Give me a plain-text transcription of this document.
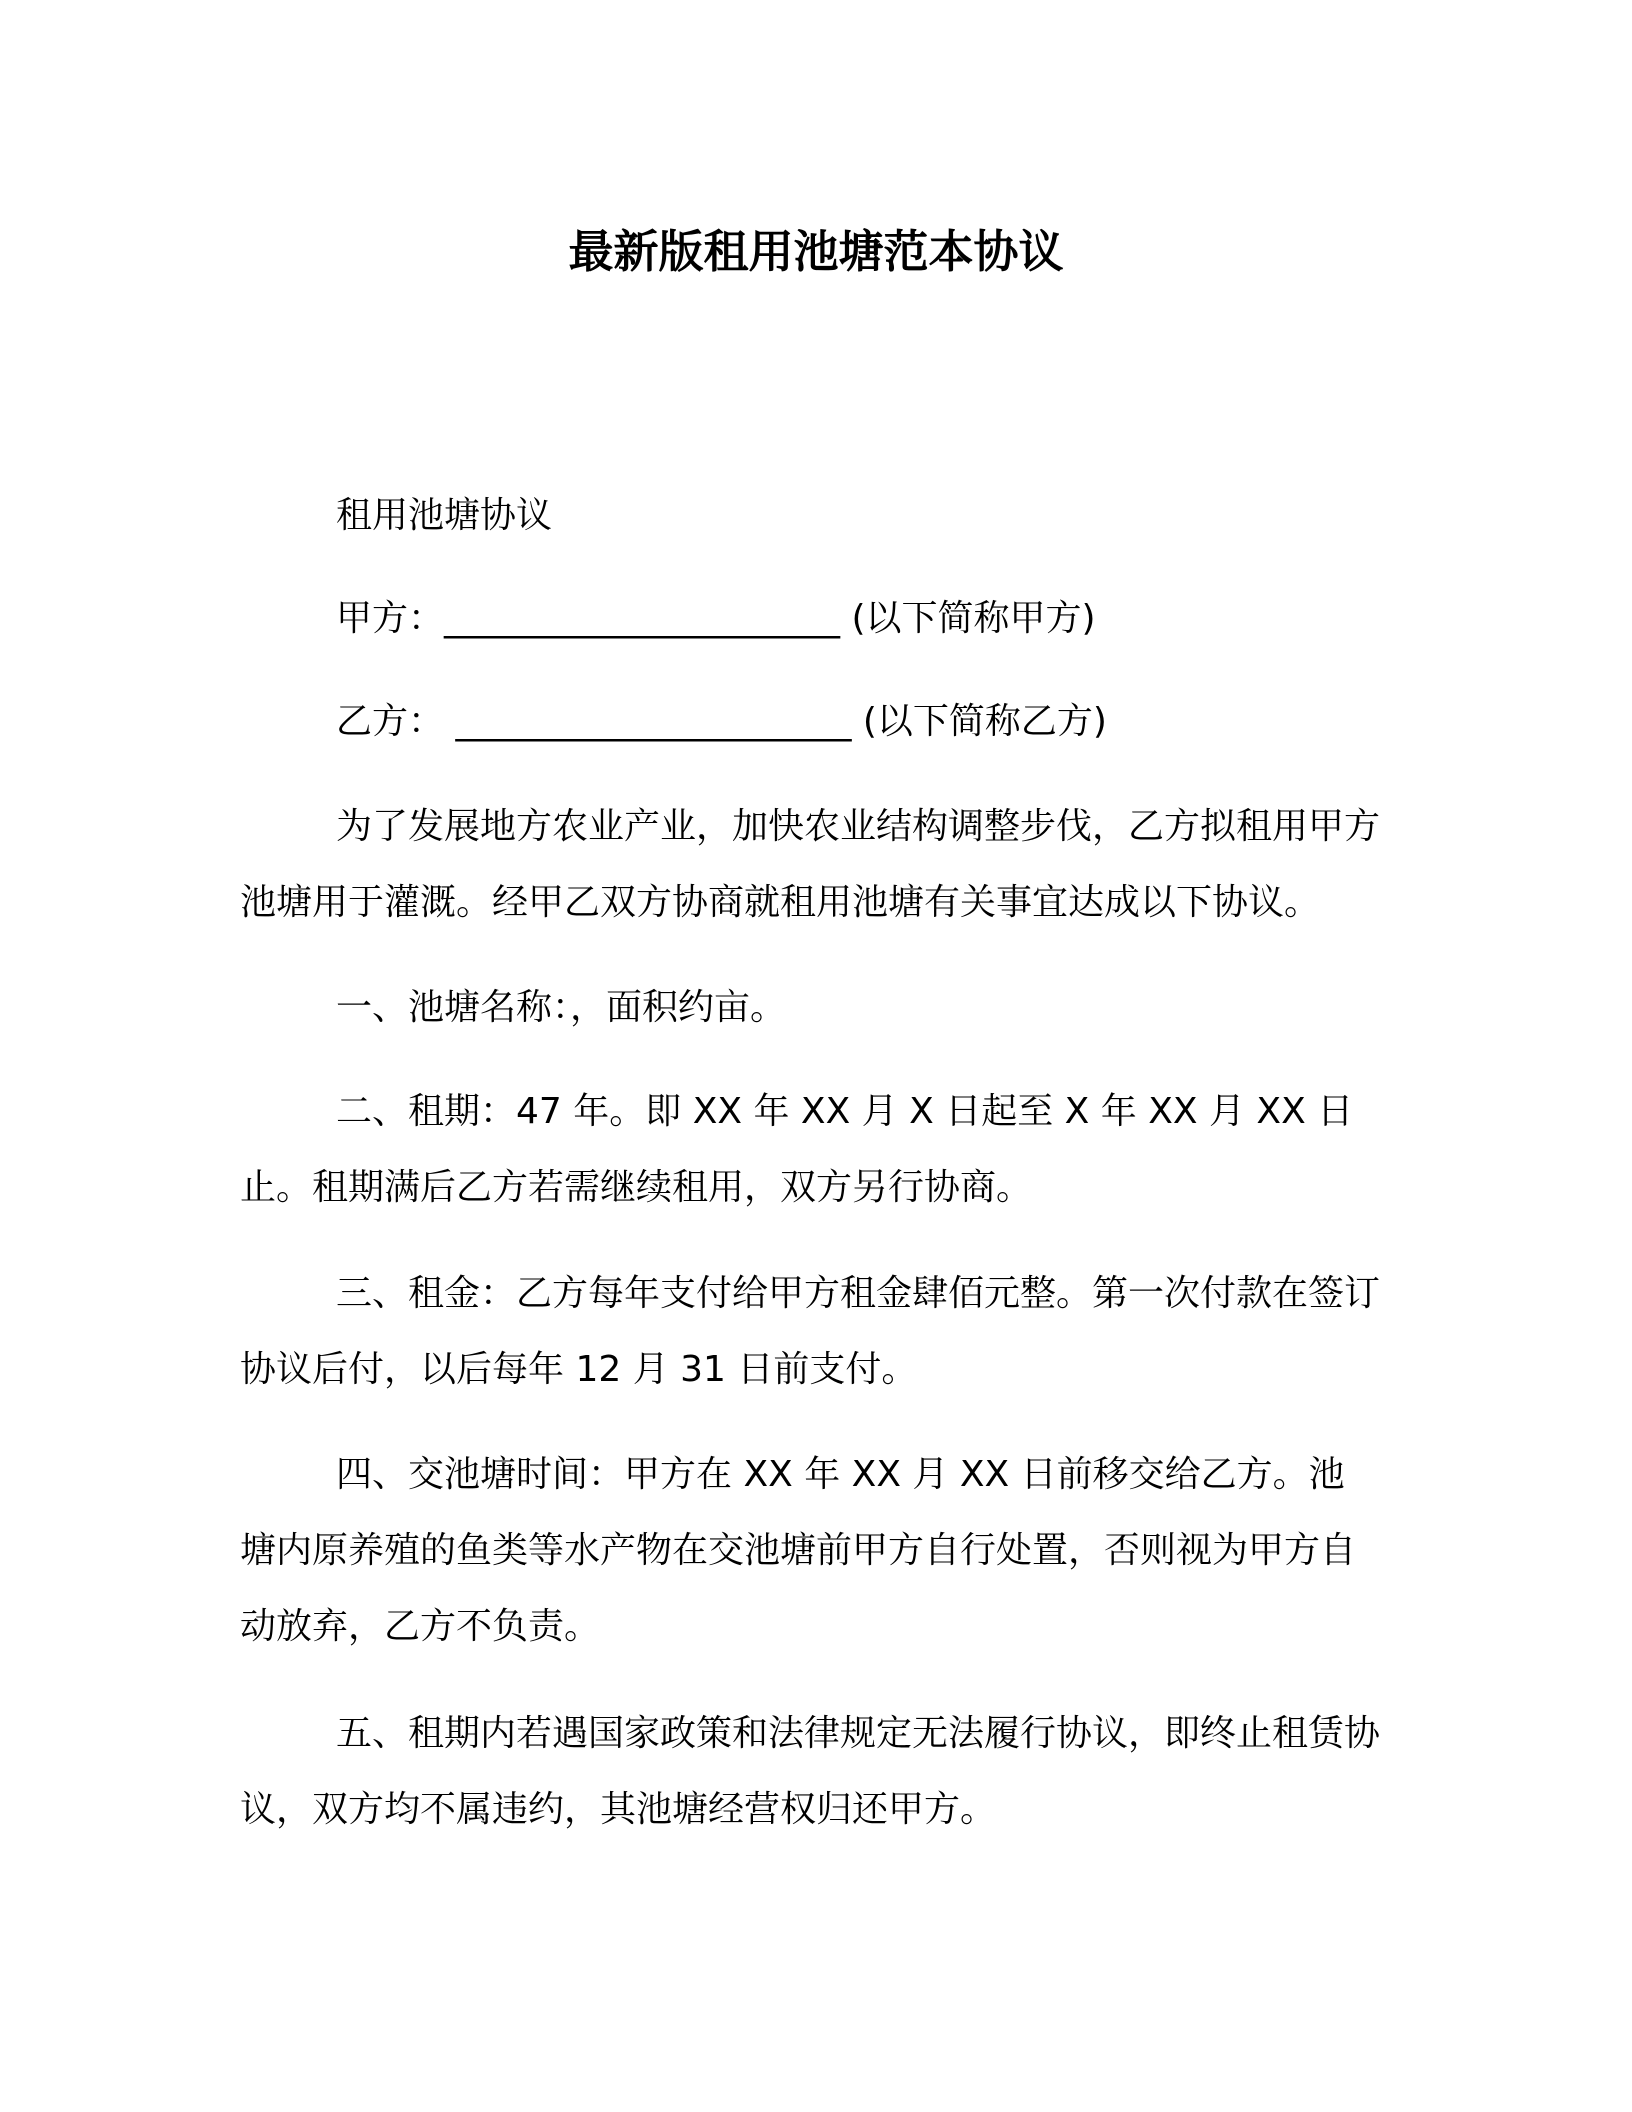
最新版租用池塘范本协议
租用池塘协议
甲方：______________________ (以下简称甲方)
乙方： ______________________ (以下简称乙方)
为了发展地方农业产业，加快农业结构调整步伐，乙方拟租用甲方池塘用于灌溉。经甲乙双方协商就租用池塘有关事宜达成以下协议。
一、池塘名称：，面积约亩。
二、租期：47 年。即 XX 年 XX 月 X 日起至 X 年 XX 月 XX 日止。租期满后乙方若需继续租用，双方另行协商。
三、租金：乙方每年支付给甲方租金肆佰元整。第一次付款在签订协议后付，以后每年 12 月 31 日前支付。
四、交池塘时间：甲方在 XX 年 XX 月 XX 日前移交给乙方。池塘内原养殖的鱼类等水产物在交池塘前甲方自行处置，否则视为甲方自动放弃，乙方不负责。
五、租期内若遇国家政策和法律规定无法履行协议，即终止租赁协议，双方均不属违约，其池塘经营权归还甲方。
